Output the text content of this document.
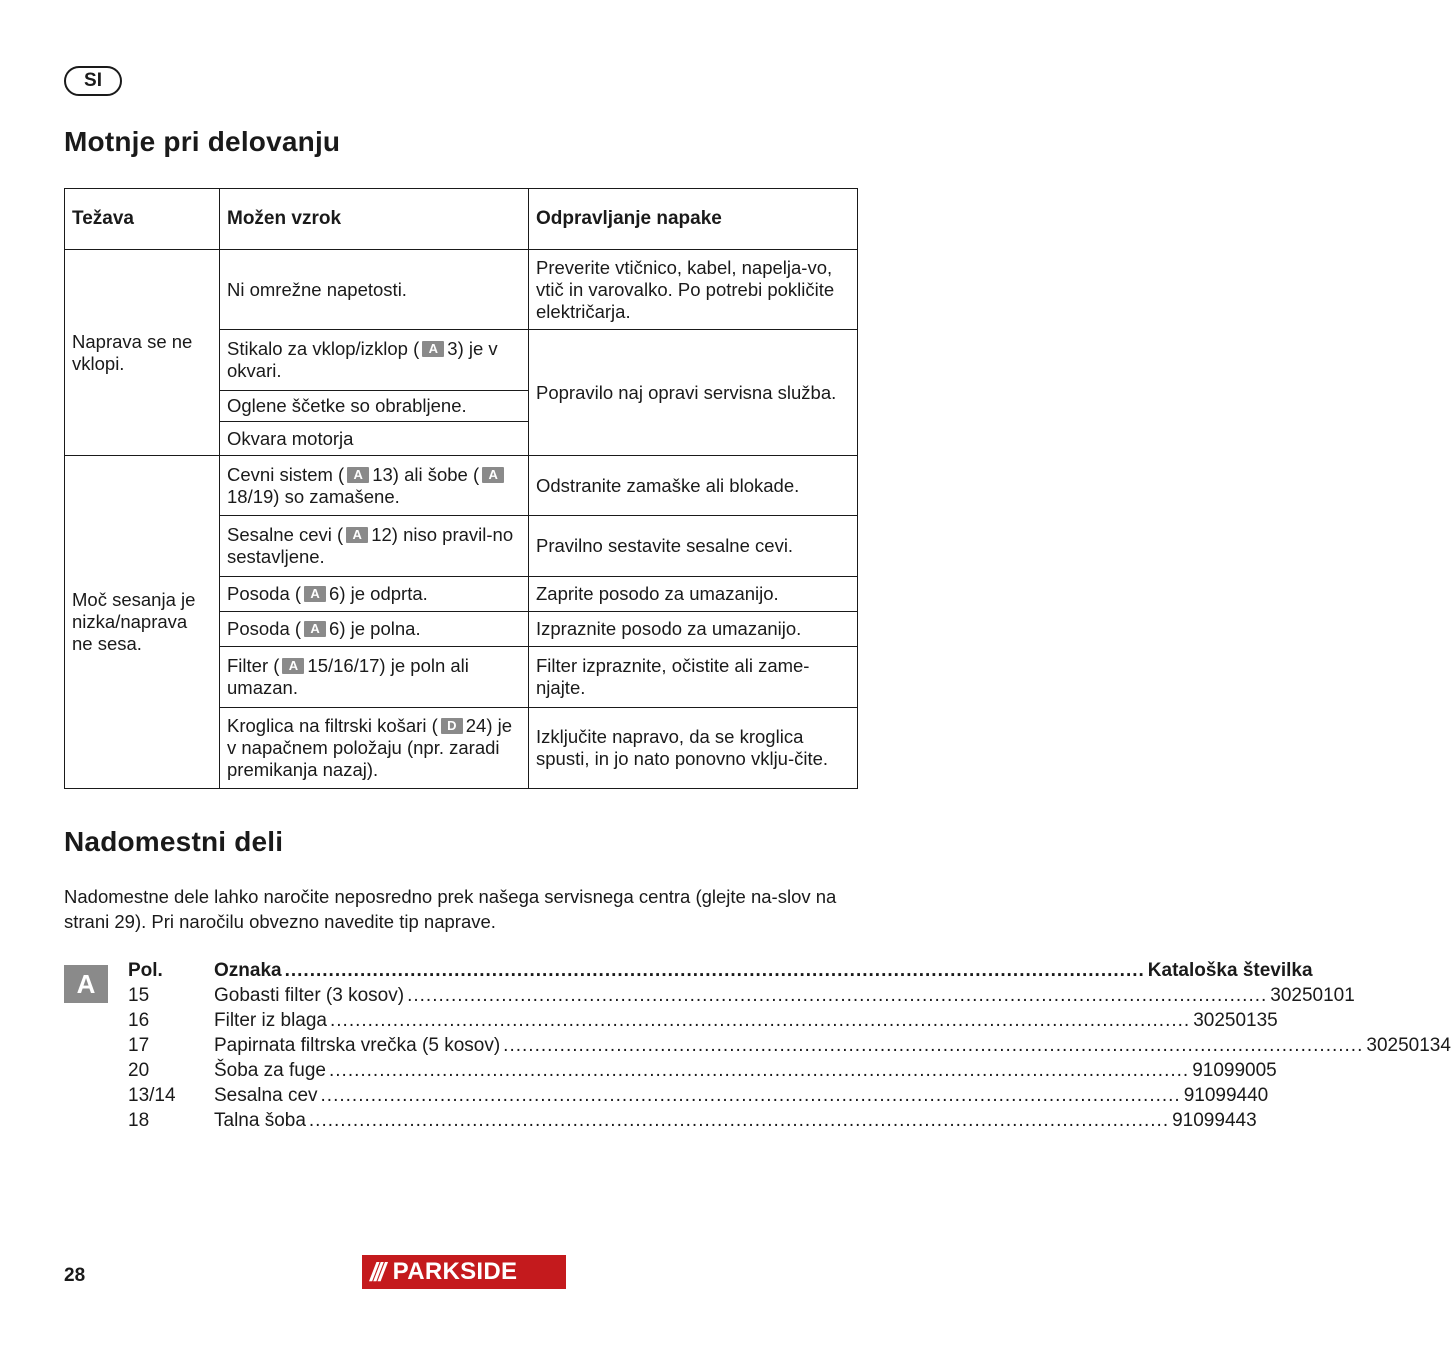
SI
Motnje pri delovanju
Težava	Možen vzrok	Odpravljanje napake
Naprava se ne vklopi.	Ni omrežne napetosti.	Preverite vtičnico, kabel, napelja-vo, vtič in varovalko. Po potrebi pokličite električarja.
	Stikalo za vklop/izklop ( A 3) je v okvari.	Popravilo naj opravi servisna služba.
	Oglene ščetke so obrabljene.	
	Okvara motorja	
Moč sesanja je nizka/naprava ne sesa.	Cevni sistem ( A 13) ali šobe ( A18/19) so zamašene.	Odstranite zamaške ali blokade.
	Sesalne cevi ( A 12) niso pravil-no sestavljene.	Pravilno sestavite sesalne cevi.
	Posoda ( A 6) je odprta.	Zaprite posodo za umazanijo.
	Posoda ( A 6) je polna.	Izpraznite posodo za umazanijo.
	Filter ( A 15/16/17) je poln ali umazan.	Filter izpraznite, očistite ali zame-njajte.
	Kroglica na filtrski košari ( D 24) je v napačnem položaju (npr. zaradi premikanja nazaj).	Izključite napravo, da se kroglica spusti, in jo nato ponovno vklju-čite.
Nadomestni deli

Nadomestne dele lahko naročite neposredno prek našega servisnega centra (glejte na-slov na strani 29). Pri naročilu obvezno navedite tip naprave.

A	Pol.	Oznaka ......................................................................................................................................... Kataloška številka
15	Gobasti filter (3 kosov) ......................................................................................................................................... 30250101
16	Filter iz blaga ......................................................................................................................................... 30250135
17	Papirnata filtrska vrečka (5 kosov) ......................................................................................................................................... 30250134
20	Šoba za fuge ......................................................................................................................................... 91099005
13/14	Sesalna cev ......................................................................................................................................... 91099440
18	Talna šoba ......................................................................................................................................... 91099443
28	/// PARKSIDE
